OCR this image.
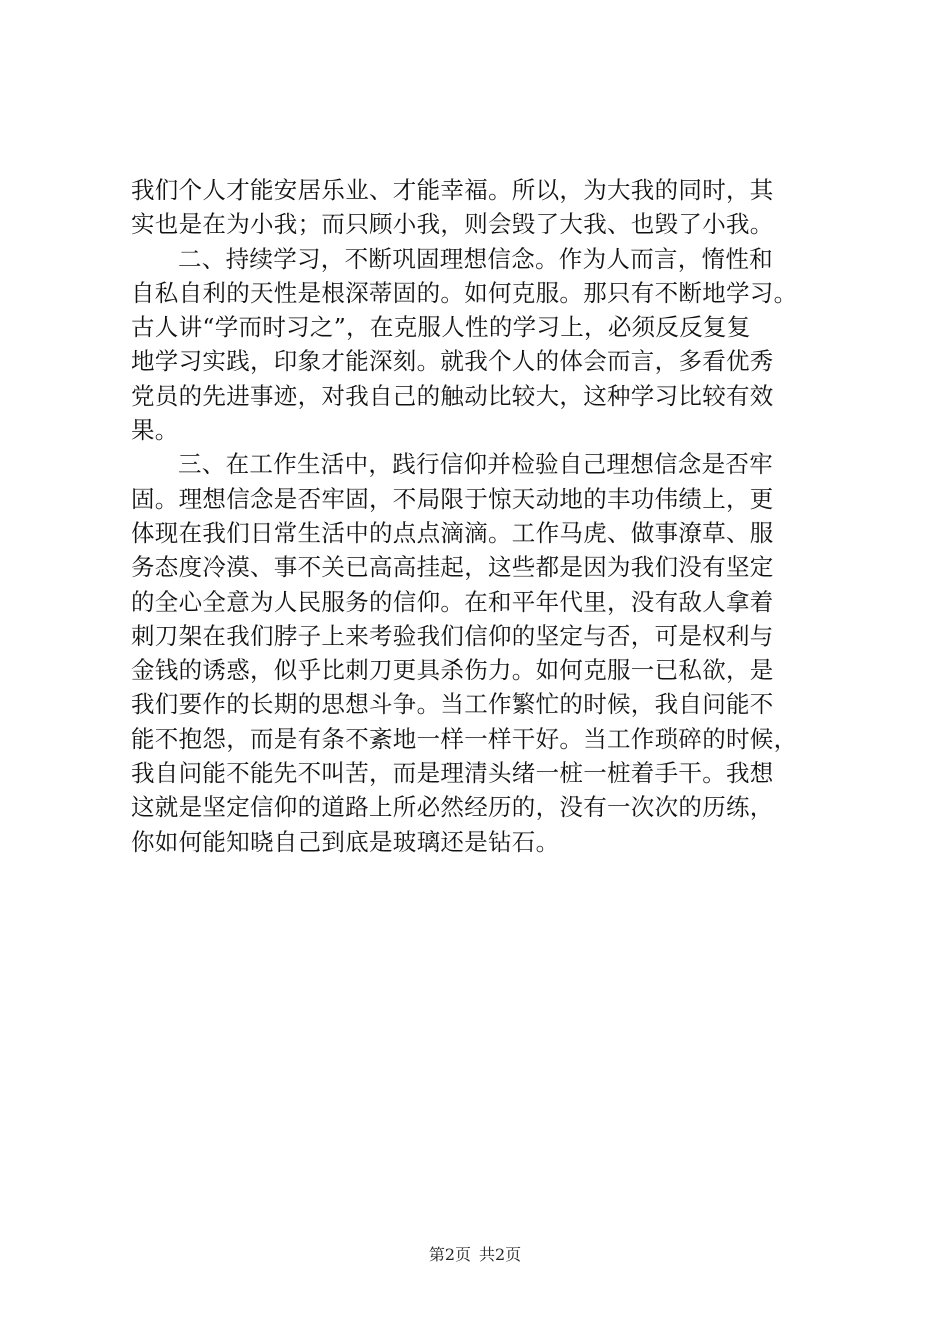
我们个人才能安居乐业、才能幸福。所以，为大我的同时，其
实也是在为小我；而只顾小我，则会毁了大我、也毁了小我。
二、持续学习，不断巩固理想信念。作为人而言，惰性和
自私自利的天性是根深蒂固的。如何克服。那只有不断地学习。
古人讲“学而时习之”，在克服人性的学习上，必须反反复复
地学习实践，印象才能深刻。就我个人的体会而言，多看优秀
党员的先进事迹，对我自己的触动比较大，这种学习比较有效
果。
三、在工作生活中，践行信仰并检验自己理想信念是否牢
固。理想信念是否牢固，不局限于惊天动地的丰功伟绩上，更
体现在我们日常生活中的点点滴滴。工作马虎、做事潦草、服
务态度冷漠、事不关已高高挂起，这些都是因为我们没有坚定
的全心全意为人民服务的信仰。在和平年代里，没有敌人拿着
刺刀架在我们脖子上来考验我们信仰的坚定与否，可是权利与
金钱的诱惑，似乎比刺刀更具杀伤力。如何克服一已私欲，是
我们要作的长期的思想斗争。当工作繁忙的时候，我自问能不
能不抱怨，而是有条不紊地一样一样干好。当工作琐碎的时候，
我自问能不能先不叫苦，而是理清头绪一桩一桩着手干。我想
这就是坚定信仰的道路上所必然经历的，没有一次次的历练，
你如何能知晓自己到底是玻璃还是钻石。
第2页 共2页
